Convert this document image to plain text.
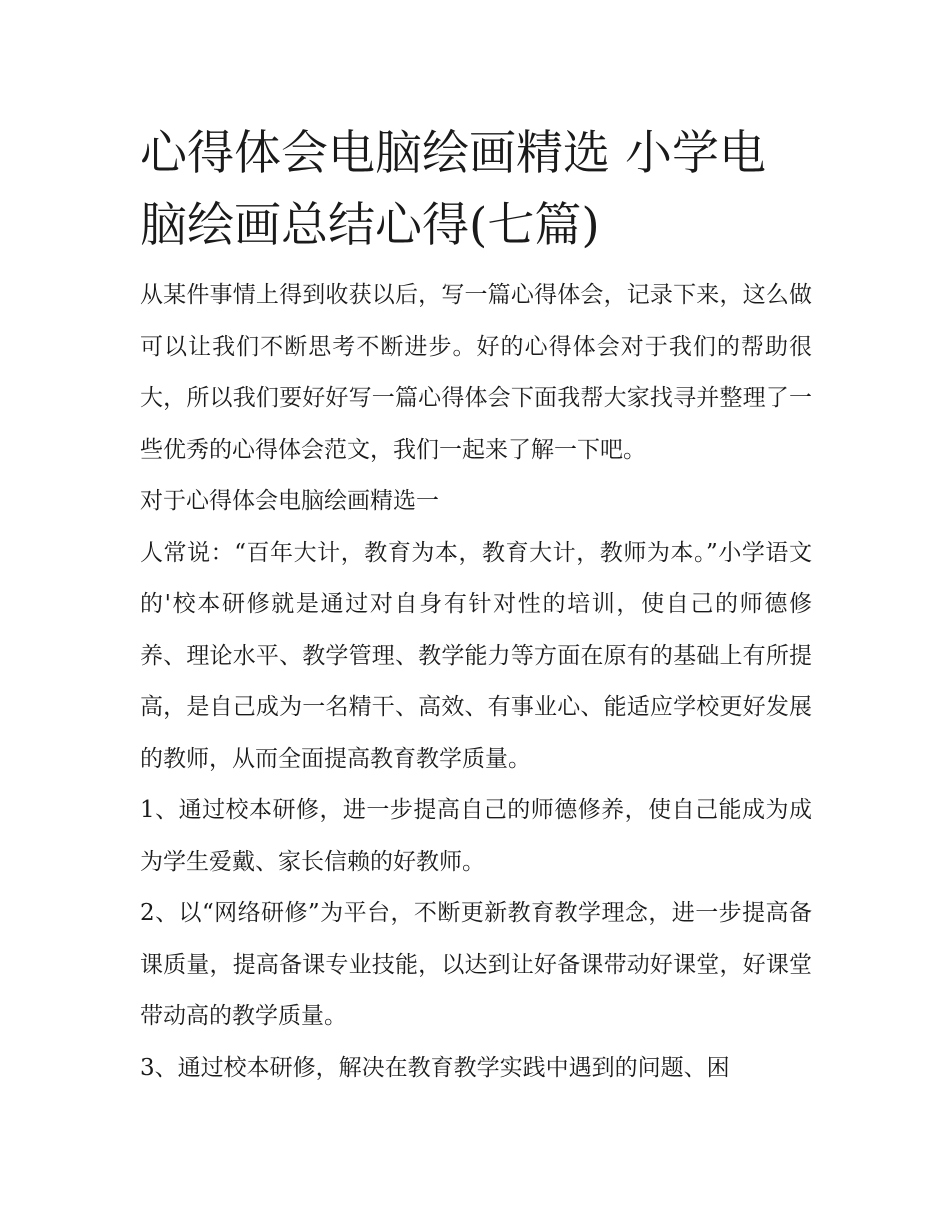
心得体会电脑绘画精选 小学电脑绘画总结心得(七篇)

从某件事情上得到收获以后，写一篇心得体会，记录下来，这么做可以让我们不断思考不断进步。好的心得体会对于我们的帮助很大，所以我们要好好写一篇心得体会下面我帮大家找寻并整理了一些优秀的心得体会范文，我们一起来了解一下吧。

对于心得体会电脑绘画精选一

人常说：“百年大计，教育为本，教育大计，教师为本。”小学语文的'校本研修就是通过对自身有针对性的培训，使自己的师德修养、理论水平、教学管理、教学能力等方面在原有的基础上有所提高，是自己成为一名精干、高效、有事业心、能适应学校更好发展的教师，从而全面提高教育教学质量。

1、通过校本研修，进一步提高自己的师德修养，使自己能成为成为学生爱戴、家长信赖的好教师。

2、以“网络研修”为平台，不断更新教育教学理念，进一步提高备课质量，提高备课专业技能，以达到让好备课带动好课堂，好课堂带动高的教学质量。

3、通过校本研修，解决在教育教学实践中遇到的问题、困
